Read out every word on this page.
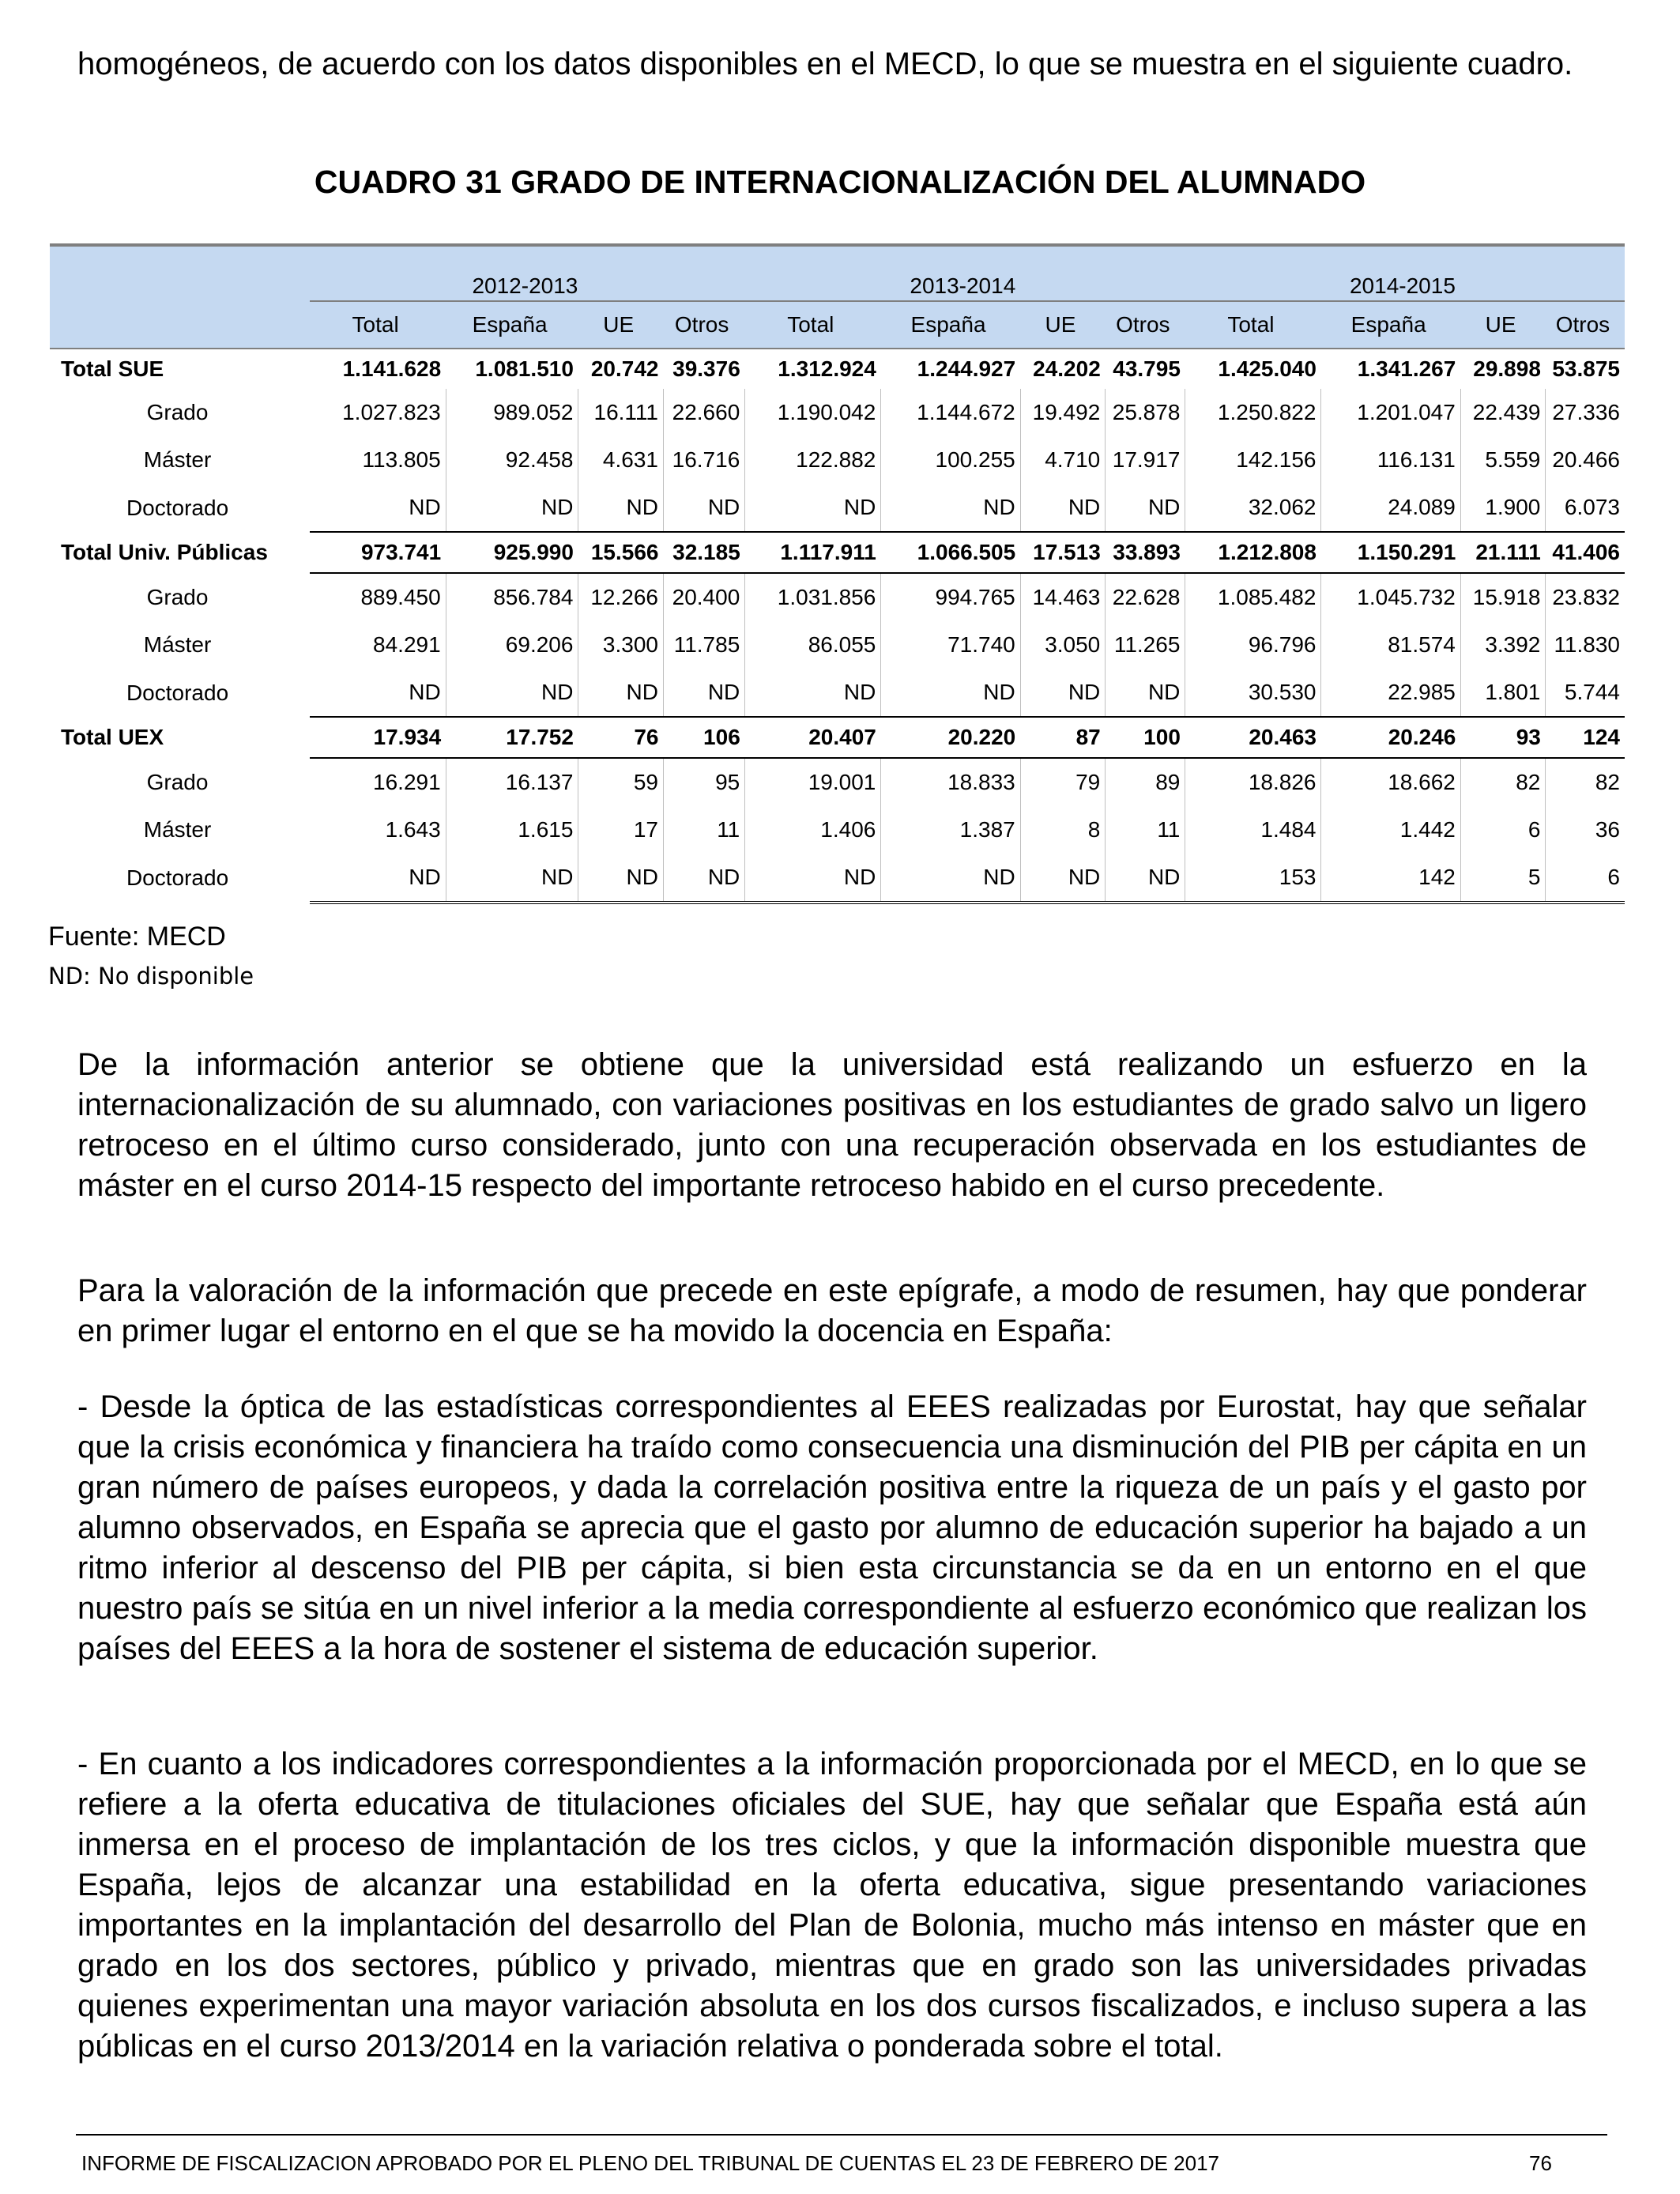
homogéneos, de acuerdo con los datos disponibles en el MECD, lo que se muestra en el siguiente cuadro.

CUADRO 31 GRADO DE INTERNACIONALIZACIÓN DEL ALUMNADO
	2012-2013				2013-2014				2014-2015			
	Total	España	UE	Otros	Total	España	UE	Otros	Total	España	UE	Otros
Total SUE	1.141.628	1.081.510	20.742	39.376	1.312.924	1.244.927	24.202	43.795	1.425.040	1.341.267	29.898	53.875
Grado	1.027.823	989.052	16.111	22.660	1.190.042	1.144.672	19.492	25.878	1.250.822	1.201.047	22.439	27.336
Máster	113.805	92.458	4.631	16.716	122.882	100.255	4.710	17.917	142.156	116.131	5.559	20.466
Doctorado	ND	ND	ND	ND	ND	ND	ND	ND	32.062	24.089	1.900	6.073
Total Univ. Públicas	973.741	925.990	15.566	32.185	1.117.911	1.066.505	17.513	33.893	1.212.808	1.150.291	21.111	41.406
Grado	889.450	856.784	12.266	20.400	1.031.856	994.765	14.463	22.628	1.085.482	1.045.732	15.918	23.832
Máster	84.291	69.206	3.300	11.785	86.055	71.740	3.050	11.265	96.796	81.574	3.392	11.830
Doctorado	ND	ND	ND	ND	ND	ND	ND	ND	30.530	22.985	1.801	5.744
Total UEX	17.934	17.752	76	106	20.407	20.220	87	100	20.463	20.246	93	124
Grado	16.291	16.137	59	95	19.001	18.833	79	89	18.826	18.662	82	82
Máster	1.643	1.615	17	11	1.406	1.387	8	11	1.484	1.442	6	36
Doctorado	ND	ND	ND	ND	ND	ND	ND	ND	153	142	5	6
Fuente: MECD
ND: No disponible

De la información anterior se obtiene que la universidad está realizando un esfuerzo en la internacionalización de su alumnado, con variaciones positivas en los estudiantes de grado salvo un ligero retroceso en el último curso considerado, junto con una recuperación observada en los estudiantes de máster en el curso 2014-15 respecto del importante retroceso habido en el curso precedente.

Para la valoración de la información que precede en este epígrafe, a modo de resumen, hay que ponderar en primer lugar el entorno en el que se ha movido la docencia en España:

- Desde la óptica de las estadísticas correspondientes al EEES realizadas por Eurostat, hay que señalar que la crisis económica y financiera ha traído como consecuencia una disminución del PIB per cápita en un gran número de países europeos, y dada la correlación positiva entre la riqueza de un país y el gasto por alumno observados, en España se aprecia que el gasto por alumno de educación superior ha bajado a un ritmo inferior al descenso del PIB per cápita, si bien esta circunstancia se da en un entorno en el que nuestro país se sitúa en un nivel inferior a la media correspondiente al esfuerzo económico que realizan los países del EEES a la hora de sostener el sistema de educación superior.

- En cuanto a los indicadores correspondientes a la información proporcionada por el MECD, en lo que se refiere a la oferta educativa de titulaciones oficiales del SUE, hay que señalar que España está aún inmersa en el proceso de implantación de los tres ciclos, y que la información disponible muestra que España, lejos de alcanzar una estabilidad en la oferta educativa, sigue presentando variaciones importantes en la implantación del desarrollo del Plan de Bolonia, mucho más intenso en máster que en grado en los dos sectores, público y privado, mientras que en grado son las universidades privadas quienes experimentan una mayor variación absoluta en los dos cursos fiscalizados, e incluso supera a las públicas en el curso 2013/2014 en la variación relativa o ponderada sobre el total.

INFORME DE FISCALIZACION APROBADO POR EL PLENO DEL TRIBUNAL DE CUENTAS EL 23 DE FEBRERO DE 2017	76
